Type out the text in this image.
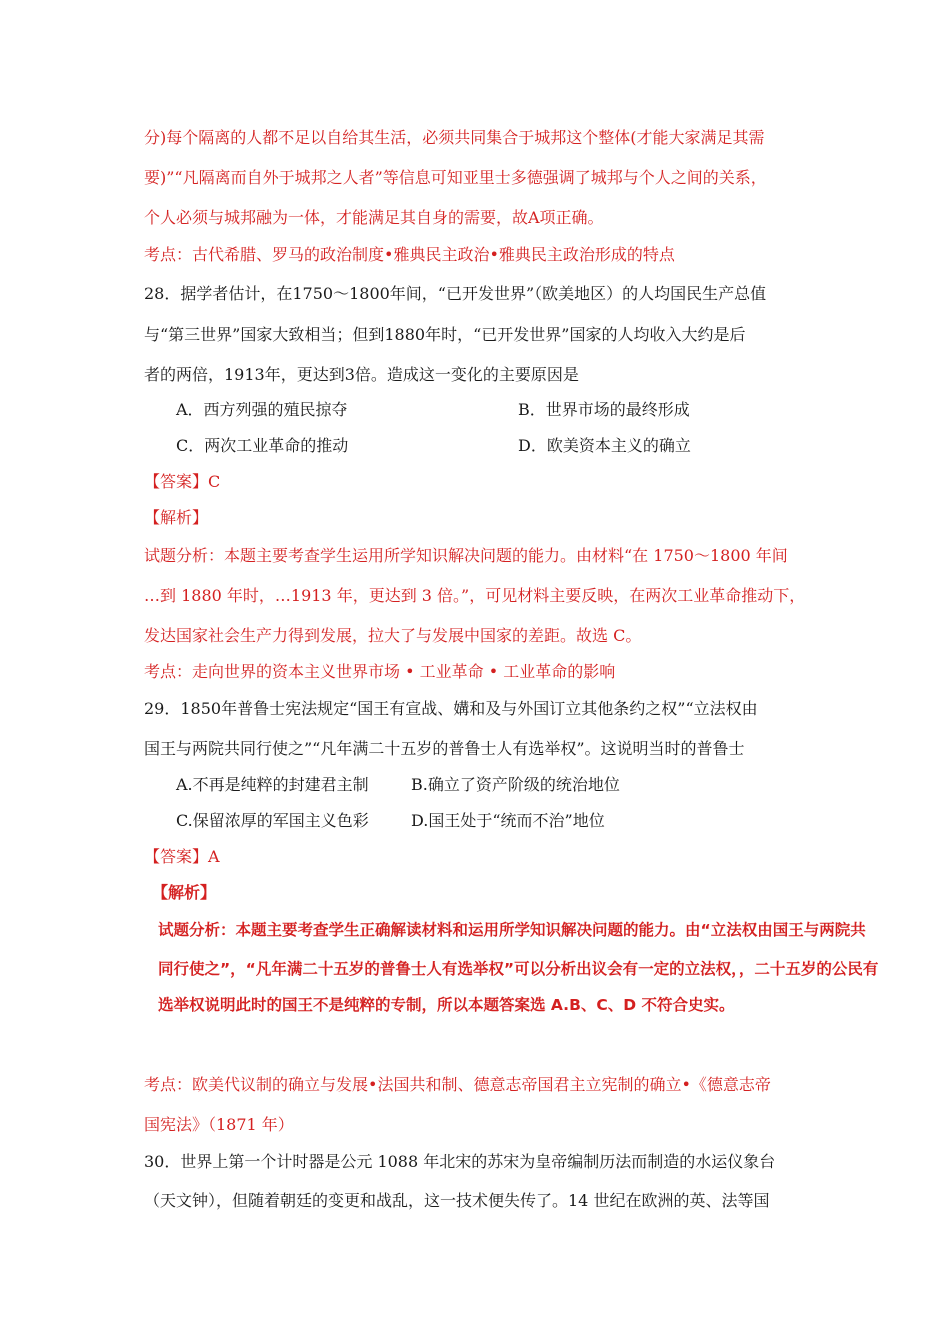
分)每个隔离的人都不足以自给其生活，必须共同集合于城邦这个整体(才能大家满足其需
要)”“凡隔离而自外于城邦之人者”等信息可知亚里士多德强调了城邦与个人之间的关系，
个人必须与城邦融为一体，才能满足其自身的需要，故A项正确。
考点：古代希腊、罗马的政治制度•雅典民主政治•雅典民主政治形成的特点
28．据学者估计，在1750～1800年间，“已开发世界”（欧美地区）的人均国民生产总值
与“第三世界”国家大致相当；但到1880年时，“已开发世界”国家的人均收入大约是后
者的两倍，1913年，更达到3倍。造成这一变化的主要原因是
A．西方列强的殖民掠夺	B．世界市场的最终形成
C．两次工业革命的推动	D．欧美资本主义的确立
【答案】C
【解析】
试题分析：本题主要考查学生运用所学知识解决问题的能力。由材料“在 1750～1800 年间
…到 1880 年时，…1913 年，更达到 3 倍。”，可见材料主要反映，在两次工业革命推动下，
发达国家社会生产力得到发展，拉大了与发展中国家的差距。故选 C。
考点：走向世界的资本主义世界市场 • 工业革命 • 工业革命的影响
29．1850年普鲁士宪法规定“国王有宣战、媾和及与外国订立其他条约之权”“立法权由
国王与两院共同行使之”“凡年满二十五岁的普鲁士人有选举权”。这说明当时的普鲁士
A.不再是纯粹的封建君主制	B.确立了资产阶级的统治地位
C.保留浓厚的军国主义色彩	D.国王处于“统而不治”地位
【答案】A
【解析】
试题分析：本题主要考查学生正确解读材料和运用所学知识解决问题的能力。由“立法权由国王与两院共
同行使之”，“凡年满二十五岁的普鲁士人有选举权”可以分析出议会有一定的立法权，，二十五岁的公民有
选举权说明此时的国王不是纯粹的专制，所以本题答案选 A.B、C、D 不符合史实。
考点：欧美代议制的确立与发展•法国共和制、德意志帝国君主立宪制的确立•《德意志帝
国宪法》（1871 年）
30．世界上第一个计时器是公元 1088 年北宋的苏宋为皇帝编制历法而制造的水运仪象台
（天文钟），但随着朝廷的变更和战乱，这一技术便失传了。14 世纪在欧洲的英、法等国
